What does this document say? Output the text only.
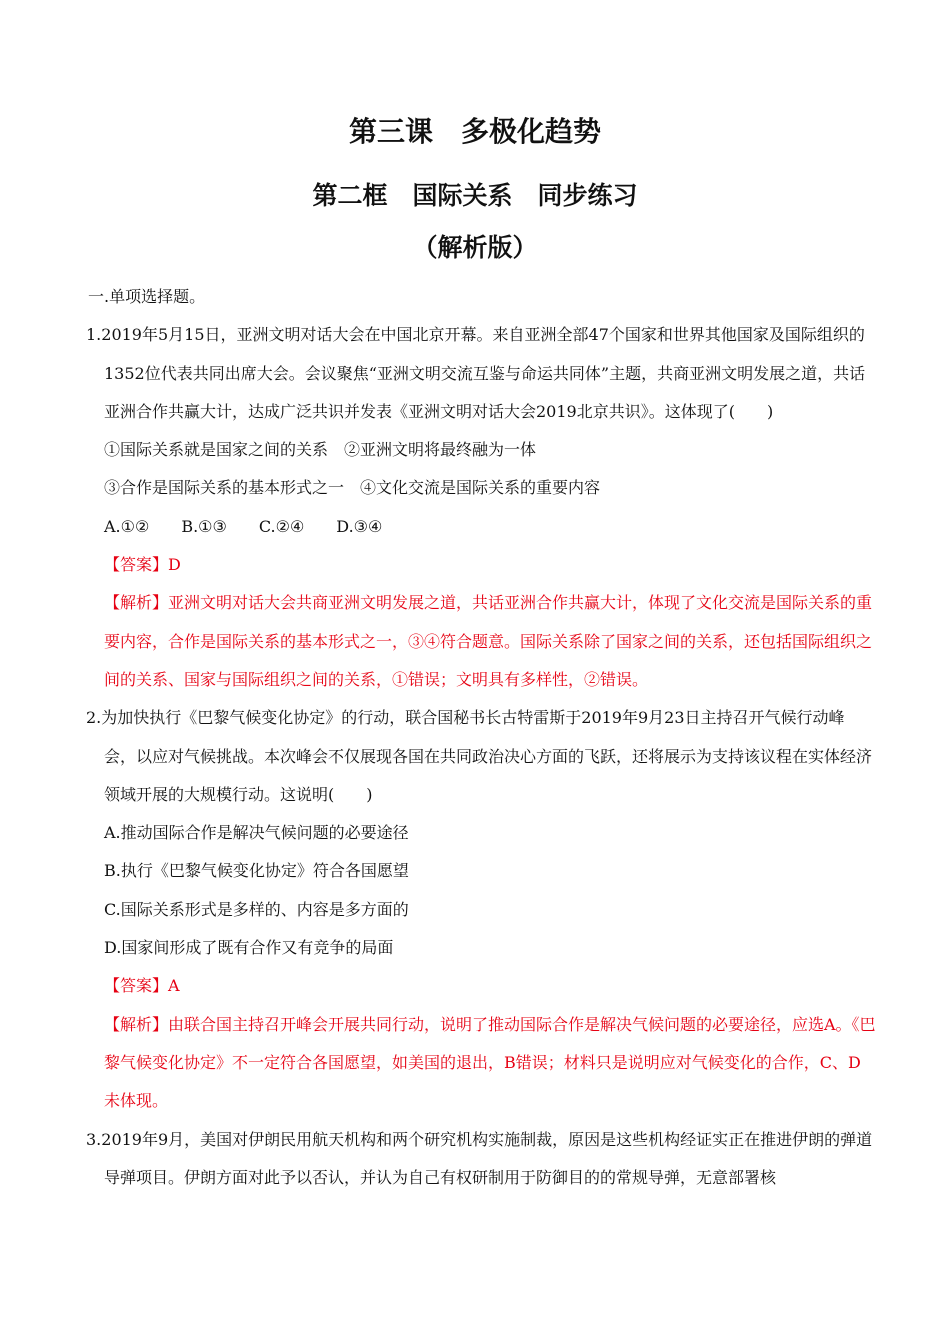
第三课　多极化趋势
第二框　国际关系　同步练习
（解析版）

一.单项选择题。

1.2019年5月15日，亚洲文明对话大会在中国北京开幕。来自亚洲全部47个国家和世界其他国家及国际组织的1352位代表共同出席大会。会议聚焦“亚洲文明交流互鉴与命运共同体”主题，共商亚洲文明发展之道，共话亚洲合作共赢大计，达成广泛共识并发表《亚洲文明对话大会2019北京共识》。这体现了(　　)

①国际关系就是国家之间的关系　②亚洲文明将最终融为一体

③合作是国际关系的基本形式之一　④文化交流是国际关系的重要内容

A.①②　　B.①③　　C.②④　　D.③④

【答案】D

【解析】亚洲文明对话大会共商亚洲文明发展之道，共话亚洲合作共赢大计，体现了文化交流是国际关系的重要内容，合作是国际关系的基本形式之一，③④符合题意。国际关系除了国家之间的关系，还包括国际组织之间的关系、国家与国际组织之间的关系，①错误；文明具有多样性，②错误。

2.为加快执行《巴黎气候变化协定》的行动，联合国秘书长古特雷斯于2019年9月23日主持召开气候行动峰会，以应对气候挑战。本次峰会不仅展现各国在共同政治决心方面的飞跃，还将展示为支持该议程在实体经济领域开展的大规模行动。这说明(　　)

A.推动国际合作是解决气候问题的必要途径

B.执行《巴黎气候变化协定》符合各国愿望

C.国际关系形式是多样的、内容是多方面的

D.国家间形成了既有合作又有竞争的局面

【答案】A

【解析】由联合国主持召开峰会开展共同行动，说明了推动国际合作是解决气候问题的必要途径，应选A。《巴黎气候变化协定》不一定符合各国愿望，如美国的退出，B错误；材料只是说明应对气候变化的合作，C、D未体现。

3.2019年9月，美国对伊朗民用航天机构和两个研究机构实施制裁，原因是这些机构经证实正在推进伊朗的弹道导弹项目。伊朗方面对此予以否认，并认为自己有权研制用于防御目的的常规导弹，无意部署核
